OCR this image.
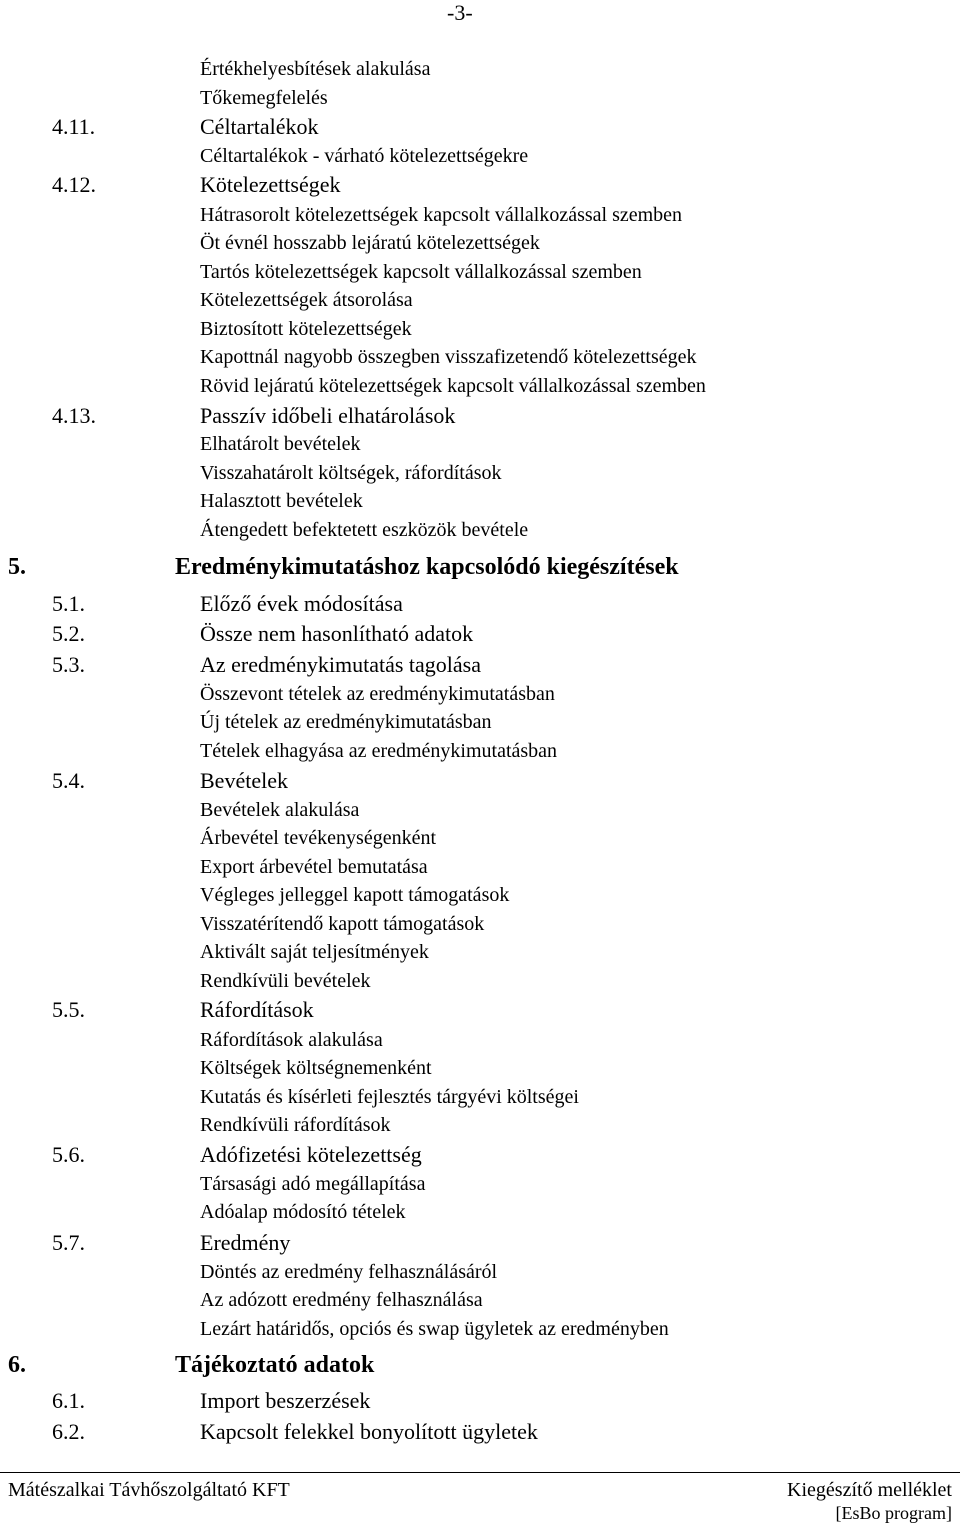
-3-
Értékhelyesbítések alakulása
Tőkemegfelelés
4.11.	Céltartalékok
Céltartalékok - várható kötelezettségekre
4.12.	Kötelezettségek
Hátrasorolt kötelezettségek kapcsolt vállalkozással szemben
Öt évnél hosszabb lejáratú kötelezettségek
Tartós kötelezettségek kapcsolt vállalkozással szemben
Kötelezettségek átsorolása
Biztosított kötelezettségek
Kapottnál nagyobb összegben visszafizetendő kötelezettségek
Rövid lejáratú kötelezettségek kapcsolt vállalkozással szemben
4.13.	Passzív időbeli elhatárolások
Elhatárolt bevételek
Visszahatárolt költségek, ráfordítások
Halasztott bevételek
Átengedett befektetett eszközök bevétele
5.	Eredménykimutatáshoz kapcsolódó kiegészítések
5.1.	Előző évek módosítása
5.2.	Össze nem hasonlítható adatok
5.3.	Az eredménykimutatás tagolása
Összevont tételek az eredménykimutatásban
Új tételek az eredménykimutatásban
Tételek elhagyása az eredménykimutatásban
5.4.	Bevételek
Bevételek alakulása
Árbevétel tevékenységenként
Export árbevétel bemutatása
Végleges jelleggel kapott támogatások
Visszatérítendő kapott támogatások
Aktivált saját teljesítmények
Rendkívüli bevételek
5.5.	Ráfordítások
Ráfordítások alakulása
Költségek költségnemenként
Kutatás és kísérleti fejlesztés tárgyévi költségei
Rendkívüli ráfordítások
5.6.	Adófizetési kötelezettség
Társasági adó megállapítása
Adóalap módosító tételek
5.7.	Eredmény
Döntés az eredmény felhasználásáról
Az adózott eredmény felhasználása
Lezárt határidős, opciós és swap ügyletek az eredményben
6.	Tájékoztató adatok
6.1.	Import beszerzések
6.2.	Kapcsolt felekkel bonyolított ügyletek
Mátészalkai Távhőszolgáltató KFT	Kiegészítő melléklet
[EsBo program]
